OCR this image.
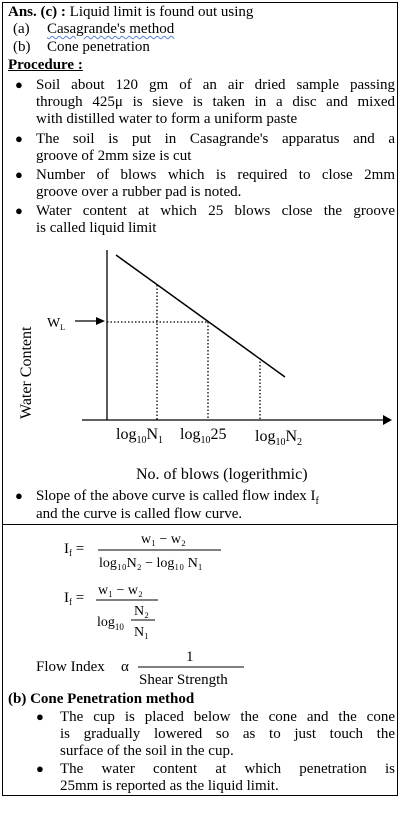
Ans. (c) : Liquid limit is found out using
(a) Casagrande's method
(b) Cone penetration
Procedure :
● Soil about 120 gm of an air dried sample passing
through 425μ is sieve is taken in a disc and mixed
with distilled water to form a uniform paste
● The soil is put in Casagrande's apparatus and a
groove of 2mm size is cut
● Number of blows which is required to close 2mm
groove over a rubber pad is noted.
● Water content at which 25 blows close the groove
is called liquid limit
$W_L$
Water Content
$\log_{10}N_1$ $\log_{10}25$ $\log_{10}N_2$
No. of blows (logerithmic)
● Slope of the above curve is called flow index $I_f$
and the curve is called flow curve.
$I_f$ =
w₁ − w₂
log₁₀N₂ − log₁₀ N₁
$I_f = w_1 - w_2$
$\log_{10}$
N₂
N₁
Flow Index α
1
Shear Strength
(b) Cone Penetration method
● The cup is placed below the cone and the cone
is gradually lowered so as to just touch the
surface of the soil in the cup.
● The water content at which penetration is
25mm is reported as the liquid limit.
